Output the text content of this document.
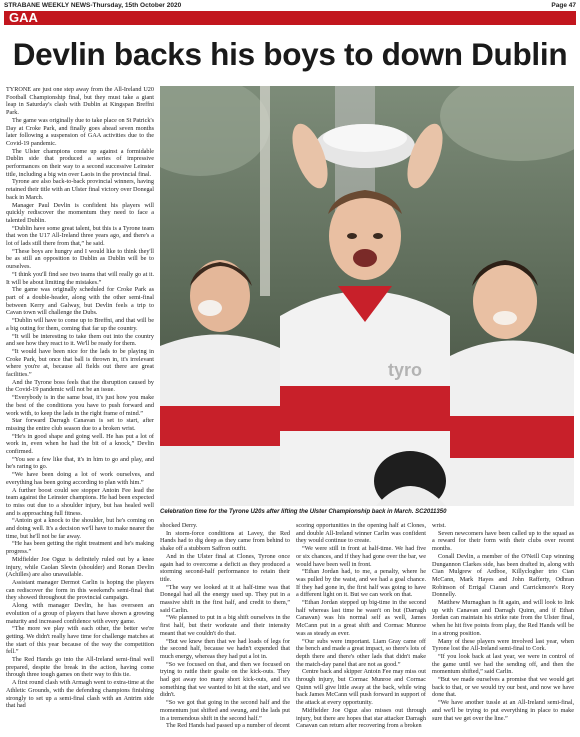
STRABANE WEEKLY NEWS-Thursday, 15th October 2020	Page 47
GAA
Devlin backs his boys to down Dublin

TYRONE are just one step away from the All-Ireland U20 Football Championship final, but they must take a giant leap in Saturday's clash with Dublin at Kingspan Breffni Park.

The game was originally due to take place on St Patrick's Day at Croke Park, and finally goes ahead seven months later following a suspension of GAA activities due to the Covid-19 pandemic.

The Ulster champions come up against a formidable Dublin side that produced a series of impressive performances on their way to a second successive Leinster title, including a big win over Laois in the provincial final.

Tyrone are also back-to-back provincial winners, having retained their title with an Ulster final victory over Donegal back in March.

Manager Paul Devlin is confident his players will quickly rediscover the momentum they need to face a talented Dublin.

“Dublin have some great talent, but this is a Tyrone team that won the U17 All-Ireland three years ago, and there's a lot of lads still there from that,” he said.

“These boys are hungry and I would like to think they'll be as still an opposition to Dublin as Dublin will be to ourselves.

“I think you'll find see two teams that will really go at it. It will be about limiting the mistakes.”

The game was originally scheduled for Croke Park as part of a double-header, along with the other semi-final between Kerry and Galway, but Devlin feels a trip to Cavan town will challenge the Dubs.

“Dublin will have to come up to Breffni, and that will be a big outing for them, coming that far up the country.

“It will be interesting to take them out into the country and see how they react to it. We'll be ready for them.

“It would have been nice for the lads to be playing in Croke Park, but once that ball is thrown in, it's irrelevant where you're at, because all fields out there are great facilities.”

And the Tyrone boss feels that the disruption caused by the Covid-19 pandemic will not be an issue.

“Everybody is in the same boat, it's just how you make the best of the conditions you have to push forward and work with, to keep the lads in the right frame of mind.”

Star forward Darragh Canavan is set to start, after missing the entire club season due to a broken wrist.

“He's in good shape and going well. He has put a lot of work in, even when he had the bit of a knock,” Devlin confirmed.

“You see a few like that, it's in him to go and play, and he's raring to go.

“We have been doing a lot of work ourselves, and everything has been going according to plan with him.”

A further boost could see stopper Antoin Fee lead the team against the Leinster champions. He had been expected to miss out due to a shoulder injury, but has healed well and is approaching full fitness.

“Antoin got a knock to the shoulder, but he's coming on and doing well. It's a decision we'll have to make nearer the time, but he'll not be far away.

“He has been getting the right treatment and he's making progress.”

Midfielder Joe Oguz is definitely ruled out by a knee injury, while Caolan Slevin (shoulder) and Ronan Devlin (Achilles) are also unavailable.

Assistant manager Dermot Carlin is hoping the players can rediscover the form in this weekend's semi-final that they showed throughout the provincial campaign.

Along with manager Devlin, he has overseen an evolution of a group of players that have shown a growing maturity and increased confidence with every game.

“The more we play with each other, the better we're getting. We didn't really have time for challenge matches at the start of this year because of the way the competition fell.”

The Red Hands go into the All-Ireland semi-final well prepared, despite the break in the action, having come through three tough games on their way to this tie.

A first round clash with Armagh went to extra-time at the Athletic Grounds, with the defending champions finishing strongly to set up a semi-final clash with an Antrim side that had

tyro
Celebration time for the Tyrone U20s after lifting the Ulster Championship back in March. SC2011350

shocked Derry.

In storm-force conditions at Lavey, the Red Hands had to dig deep as they came from behind to shake off a stubborn Saffron outfit.

And in the Ulster final at Clones, Tyrone once again had to overcome a deficit as they produced a storming second-half performance to retain their title.

“The way we looked at it at half-time was that Donegal had all the energy used up. They put in a massive shift in the first half, and credit to them,” said Carlin.

“We planned to put in a big shift ourselves in the first half, but their workrate and their intensity meant that we couldn't do that.

“But we knew then that we had loads of legs for the second half, because we hadn't expended that much energy, whereas they had put a lot in.

“So we focused on that, and then we focused on trying to rattle their goalie on the kick-outs. They had got away too many short kick-outs, and it's something that we wanted to hit at the start, and we didn't.

“So we got that going in the second half and the momentum just shifted and swung, and the lads put in a tremendous shift in the second half.”

The Red Hands had passed up a number of decent

scoring opportunities in the opening half at Clones, and double All-Ireland winner Carlin was confident they would continue to create.

“We were still in front at half-time. We had five or six chances, and if they had gone over the bar, we would have been well in front.

“Ethan Jordan had, to me, a penalty, where he was pulled by the waist, and we had a goal chance. If they had gone in, the first half was going to have a different light on it. But we can work on that.

“Ethan Jordan stepped up big-time in the second half whereas last time he wasn't on but (Darragh Canavan) was his normal self as well, James McCann put in a great shift and Cormac Munroe was as steady as ever.

“Our subs were important. Liam Gray came off the bench and made a great impact, so there's lots of depth there and there's other lads that didn't make the match-day panel that are not as good.”

Centre back and skipper Antoin Fee may miss out through injury, but Cormac Munroe and Cormac Quinn will give little away at the back, while wing back James McCann will push forward in support of the attack at every opportunity.

Midfielder Joe Oguz also misses out through injury, but there are hopes that star attacker Darragh Canavan can return after recovering from a broken

wrist.

Seven newcomers have been called up to the squad as a reward for their form with their clubs over recent months.

Conall Devlin, a member of the O'Neill Cup winning Dungannon Clarkes side, has been drafted in, along with Cian Mulgrew of Ardboe, Killyclogher trio Cian McCann, Mark Hayes and John Rafferty, Odhran Robinson of Errigal Ciaran and Carrickmore's Rory Donnelly.

Matthew Murnaghan is fit again, and will look to link up with Canavan and Darragh Quinn, and if Ethan Jordan can maintain his strike rate from the Ulster final, when he hit five points from play, the Red Hands will be in a strong position.

Many of these players were involved last year, when Tyrone lost the All-Ireland semi-final to Cork.

“If you look back at last year, we were in control of the game until we had the sending off, and then the momentum shifted,” said Carlin.

“But we made ourselves a promise that we would get back to that, or we would try our best, and now we have done that.

“We have another tussle at an All-Ireland semi-final, and we'll be trying to put everything in place to make sure that we get over the line.”
